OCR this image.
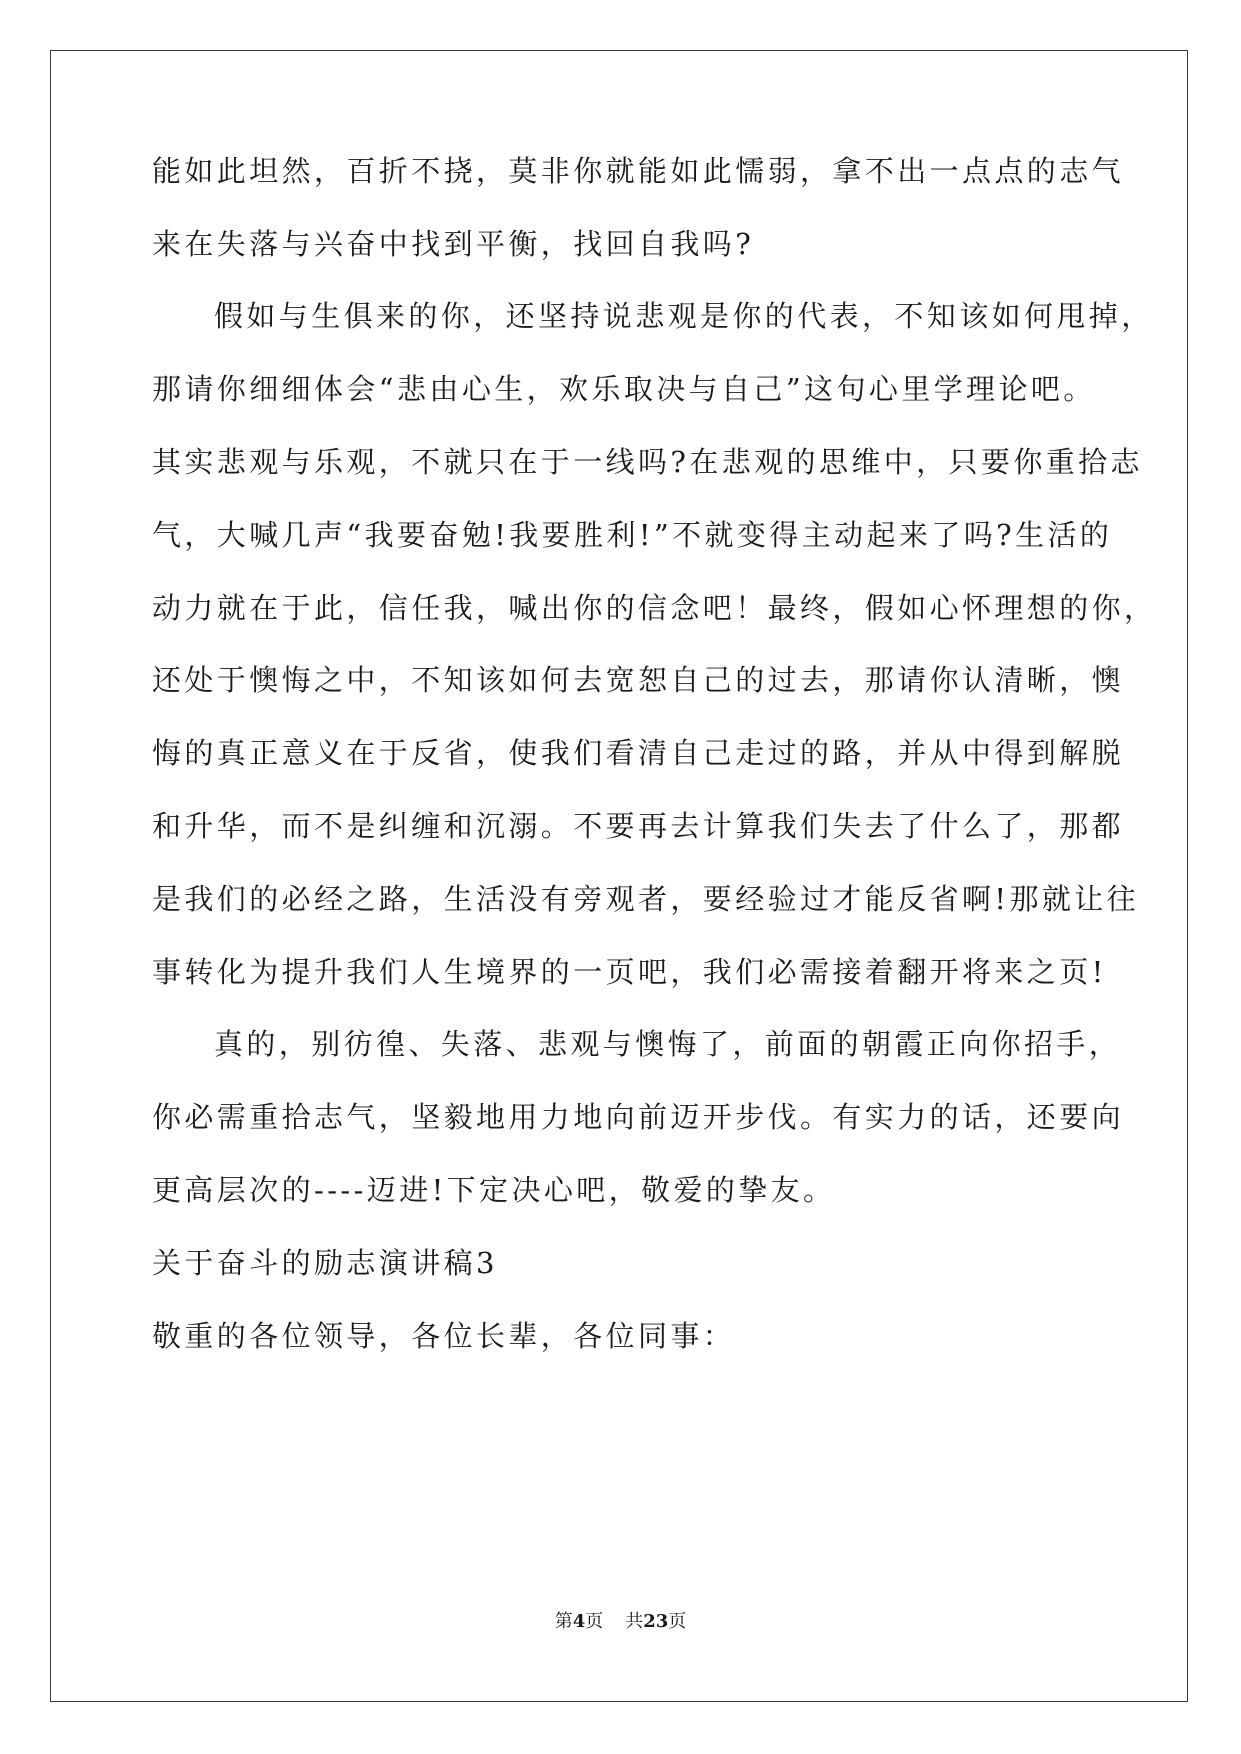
能如此坦然，百折不挠，莫非你就能如此懦弱，拿不出一点点的志气
来在失落与兴奋中找到平衡，找回自我吗?
假如与生俱来的你，还坚持说悲观是你的代表，不知该如何甩掉，
那请你细细体会“悲由心生，欢乐取决与自己”这句心里学理论吧。
其实悲观与乐观，不就只在于一线吗?在悲观的思维中，只要你重拾志
气，大喊几声“我要奋勉!我要胜利!”不就变得主动起来了吗?生活的
动力就在于此，信任我，喊出你的信念吧！最终，假如心怀理想的你，
还处于懊悔之中，不知该如何去宽恕自己的过去，那请你认清晰，懊
悔的真正意义在于反省，使我们看清自己走过的路，并从中得到解脱
和升华，而不是纠缠和沉溺。不要再去计算我们失去了什么了，那都
是我们的必经之路，生活没有旁观者，要经验过才能反省啊!那就让往
事转化为提升我们人生境界的一页吧，我们必需接着翻开将来之页!
真的，别彷徨、失落、悲观与懊悔了，前面的朝霞正向你招手，
你必需重拾志气，坚毅地用力地向前迈开步伐。有实力的话，还要向
更高层次的----迈进!下定决心吧，敬爱的挚友。
关于奋斗的励志演讲稿3
敬重的各位领导，各位长辈，各位同事：
第4页 共23页
